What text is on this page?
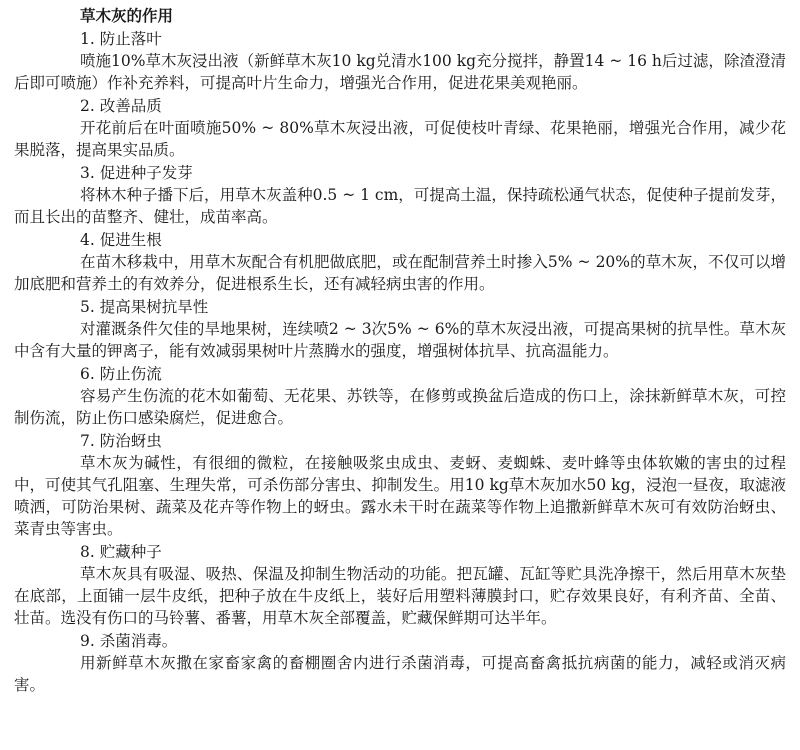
草木灰的作用
1. 防止落叶

喷施10%草木灰浸出液（新鲜草木灰10 kg兑清水100 kg充分搅拌，静置14 ~ 16 h后过滤，除渣澄清后即可喷施）作补充养料，可提高叶片生命力，增强光合作用，促进花果美观艳丽。

2. 改善品质

开花前后在叶面喷施50% ~ 80%草木灰浸出液，可促使枝叶青绿、花果艳丽，增强光合作用，减少花果脱落，提高果实品质。

3. 促进种子发芽

将林木种子播下后，用草木灰盖种0.5 ~ 1 cm，可提高土温，保持疏松通气状态，促使种子提前发芽，而且长出的苗整齐、健壮，成苗率高。

4. 促进生根

在苗木移栽中，用草木灰配合有机肥做底肥，或在配制营养土时掺入5% ~ 20%的草木灰，不仅可以增加底肥和营养土的有效养分，促进根系生长，还有减轻病虫害的作用。

5. 提高果树抗旱性

对灌溉条件欠佳的旱地果树，连续喷2 ~ 3次5% ~ 6%的草木灰浸出液，可提高果树的抗旱性。草木灰中含有大量的钾离子，能有效减弱果树叶片蒸腾水的强度，增强树体抗旱、抗高温能力。

6. 防止伤流

容易产生伤流的花木如葡萄、无花果、苏铁等，在修剪或换盆后造成的伤口上，涂抹新鲜草木灰，可控制伤流，防止伤口感染腐烂，促进愈合。

7. 防治蚜虫

草木灰为碱性，有很细的微粒，在接触吸浆虫成虫、麦蚜、麦蜘蛛、麦叶蜂等虫体软嫩的害虫的过程中，可使其气孔阻塞、生理失常，可杀伤部分害虫、抑制发生。用10 kg草木灰加水50 kg，浸泡一昼夜，取滤液喷洒，可防治果树、蔬菜及花卉等作物上的蚜虫。露水未干时在蔬菜等作物上追撒新鲜草木灰可有效防治蚜虫、菜青虫等害虫。

8. 贮藏种子

草木灰具有吸湿、吸热、保温及抑制生物活动的功能。把瓦罐、瓦缸等贮具洗净擦干，然后用草木灰垫在底部，上面铺一层牛皮纸，把种子放在牛皮纸上，装好后用塑料薄膜封口，贮存效果良好，有利齐苗、全苗、壮苗。选没有伤口的马铃薯、番薯，用草木灰全部覆盖，贮藏保鲜期可达半年。

9. 杀菌消毒。

用新鲜草木灰撒在家畜家禽的畜棚圈舍内进行杀菌消毒，可提高畜禽抵抗病菌的能力，减轻或消灭病害。
